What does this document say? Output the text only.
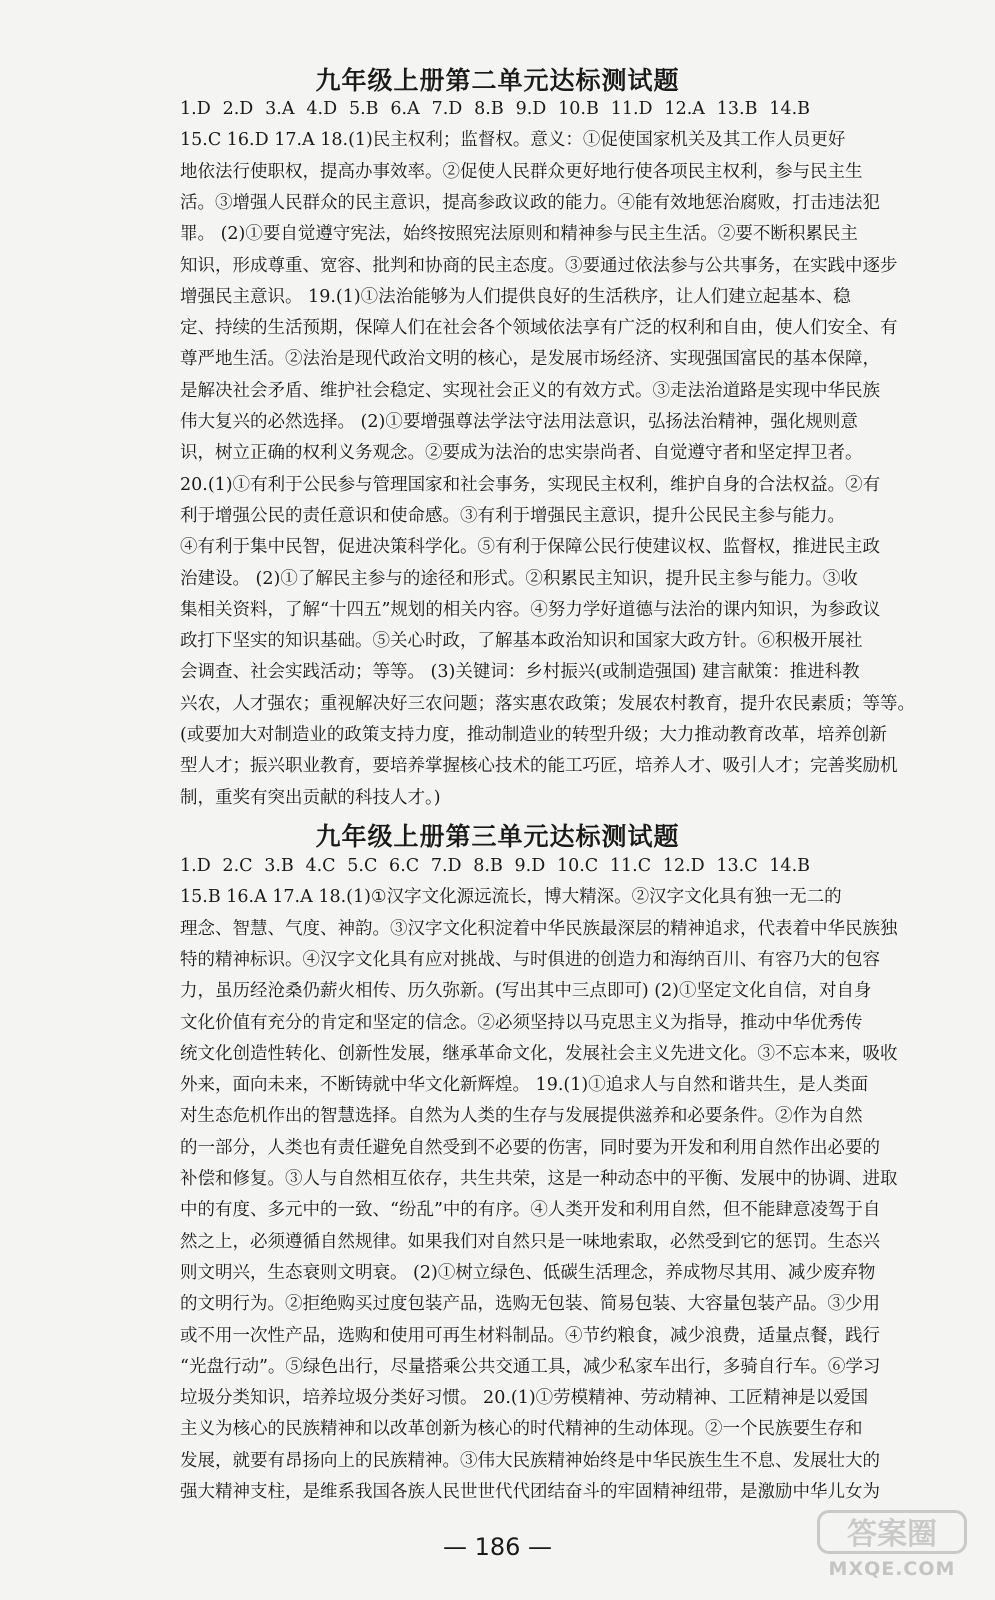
九年级上册第二单元达标测试题
1.D 2.D 3.A 4.D 5.B 6.A 7.D 8.B 9.D 10.B 11.D 12.A 13.B 14.B
15.C 16.D 17.A 18.(1)民主权利；监督权。意义：①促使国家机关及其工作人员更好
地依法行使职权，提高办事效率。②促使人民群众更好地行使各项民主权利，参与民主生
活。③增强人民群众的民主意识，提高参政议政的能力。④能有效地惩治腐败，打击违法犯
罪。 (2)①要自觉遵守宪法，始终按照宪法原则和精神参与民主生活。②要不断积累民主
知识，形成尊重、宽容、批判和协商的民主态度。③要通过依法参与公共事务，在实践中逐步
增强民主意识。 19.(1)①法治能够为人们提供良好的生活秩序，让人们建立起基本、稳
定、持续的生活预期，保障人们在社会各个领域依法享有广泛的权利和自由，使人们安全、有
尊严地生活。②法治是现代政治文明的核心，是发展市场经济、实现强国富民的基本保障，
是解决社会矛盾、维护社会稳定、实现社会正义的有效方式。③走法治道路是实现中华民族
伟大复兴的必然选择。 (2)①要增强尊法学法守法用法意识，弘扬法治精神，强化规则意
识，树立正确的权利义务观念。②要成为法治的忠实崇尚者、自觉遵守者和坚定捍卫者。
20.(1)①有利于公民参与管理国家和社会事务，实现民主权利，维护自身的合法权益。②有
利于增强公民的责任意识和使命感。③有利于增强民主意识，提升公民民主参与能力。
④有利于集中民智，促进决策科学化。⑤有利于保障公民行使建议权、监督权，推进民主政
治建设。 (2)①了解民主参与的途径和形式。②积累民主知识，提升民主参与能力。③收
集相关资料，了解“十四五”规划的相关内容。④努力学好道德与法治的课内知识，为参政议
政打下坚实的知识基础。⑤关心时政，了解基本政治知识和国家大政方针。⑥积极开展社
会调查、社会实践活动；等等。 (3)关键词：乡村振兴(或制造强国) 建言献策：推进科教
兴农，人才强农；重视解决好三农问题；落实惠农政策；发展农村教育，提升农民素质；等等。
(或要加大对制造业的政策支持力度，推动制造业的转型升级；大力推动教育改革，培养创新
型人才；振兴职业教育，要培养掌握核心技术的能工巧匠，培养人才、吸引人才；完善奖励机
制，重奖有突出贡献的科技人才。)
九年级上册第三单元达标测试题
1.D 2.C 3.B 4.C 5.C 6.C 7.D 8.B 9.D 10.C 11.C 12.D 13.C 14.B
15.B 16.A 17.A 18.(1)①汉字文化源远流长，博大精深。②汉字文化具有独一无二的
理念、智慧、气度、神韵。③汉字文化积淀着中华民族最深层的精神追求，代表着中华民族独
特的精神标识。④汉字文化具有应对挑战、与时俱进的创造力和海纳百川、有容乃大的包容
力，虽历经沧桑仍薪火相传、历久弥新。(写出其中三点即可) (2)①坚定文化自信，对自身
文化价值有充分的肯定和坚定的信念。②必须坚持以马克思主义为指导，推动中华优秀传
统文化创造性转化、创新性发展，继承革命文化，发展社会主义先进文化。③不忘本来，吸收
外来，面向未来，不断铸就中华文化新辉煌。 19.(1)①追求人与自然和谐共生，是人类面
对生态危机作出的智慧选择。自然为人类的生存与发展提供滋养和必要条件。②作为自然
的一部分，人类也有责任避免自然受到不必要的伤害，同时要为开发和利用自然作出必要的
补偿和修复。③人与自然相互依存，共生共荣，这是一种动态中的平衡、发展中的协调、进取
中的有度、多元中的一致、“纷乱”中的有序。④人类开发和利用自然，但不能肆意凌驾于自
然之上，必须遵循自然规律。如果我们对自然只是一味地索取，必然受到它的惩罚。生态兴
则文明兴，生态衰则文明衰。 (2)①树立绿色、低碳生活理念，养成物尽其用、减少废弃物
的文明行为。②拒绝购买过度包装产品，选购无包装、简易包装、大容量包装产品。③少用
或不用一次性产品，选购和使用可再生材料制品。④节约粮食，减少浪费，适量点餐，践行
“光盘行动”。⑤绿色出行，尽量搭乘公共交通工具，减少私家车出行，多骑自行车。⑥学习
垃圾分类知识，培养垃圾分类好习惯。 20.(1)①劳模精神、劳动精神、工匠精神是以爱国
主义为核心的民族精神和以改革创新为核心的时代精神的生动体现。②一个民族要生存和
发展，就要有昂扬向上的民族精神。③伟大民族精神始终是中华民族生生不息、发展壮大的
强大精神支柱，是维系我国各族人民世世代代团结奋斗的牢固精神纽带，是激励中华儿女为
— 186 —	答案圈
MXQE.COM
